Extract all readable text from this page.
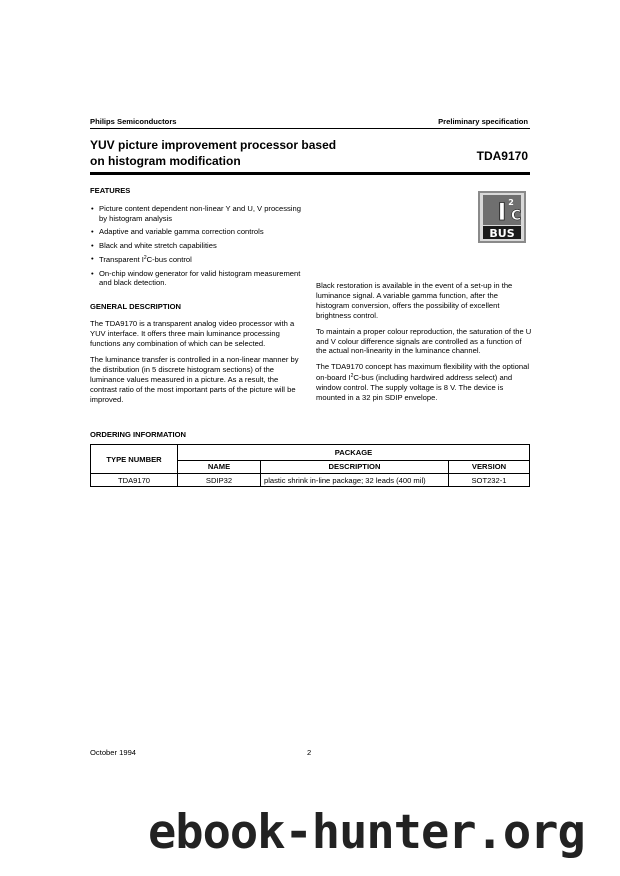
Philips Semiconductors	Preliminary specification
YUV picture improvement processor based
on histogram modification	TDA9170
I
BUS
2
C
FEATURES
• Picture content dependent non-linear Y and U, V processing by histogram analysis
• Adaptive and variable gamma correction controls
• Black and white stretch capabilities
• Transparent $I^2C$-bus control
• On-chip window generator for valid histogram measurement and black detection.
GENERAL DESCRIPTION

The TDA9170 is a transparent analog video processor with a YUV interface. It offers three main luminance processing functions any combination of which can be selected.

The luminance transfer is controlled in a non-linear manner by the distribution (in 5 discrete histogram sections) of the luminance values measured in a picture. As a result, the contrast ratio of the most important parts of the picture will be improved.

Black restoration is available in the event of a set-up in the luminance signal. A variable gamma function, after the histogram conversion, offers the possibility of excellent brightness control.

To maintain a proper colour reproduction, the saturation of the U and V colour difference signals are controlled as a function of the actual non-linearity in the luminance channel.

The TDA9170 concept has maximum flexibility with the optional on-board $I^2C$-bus (including hardwired address select) and window control. The supply voltage is 8 V. The device is mounted in a 32 pin SDIP envelope.

ORDERING INFORMATION
TYPE NUMBER	PACKAGE		
	NAME	DESCRIPTION	VERSION
TDA9170	SDIP32	plastic shrink in-line package; 32 leads (400 mil)	SOT232-1
October 1994	2
ebook-hunter.org
